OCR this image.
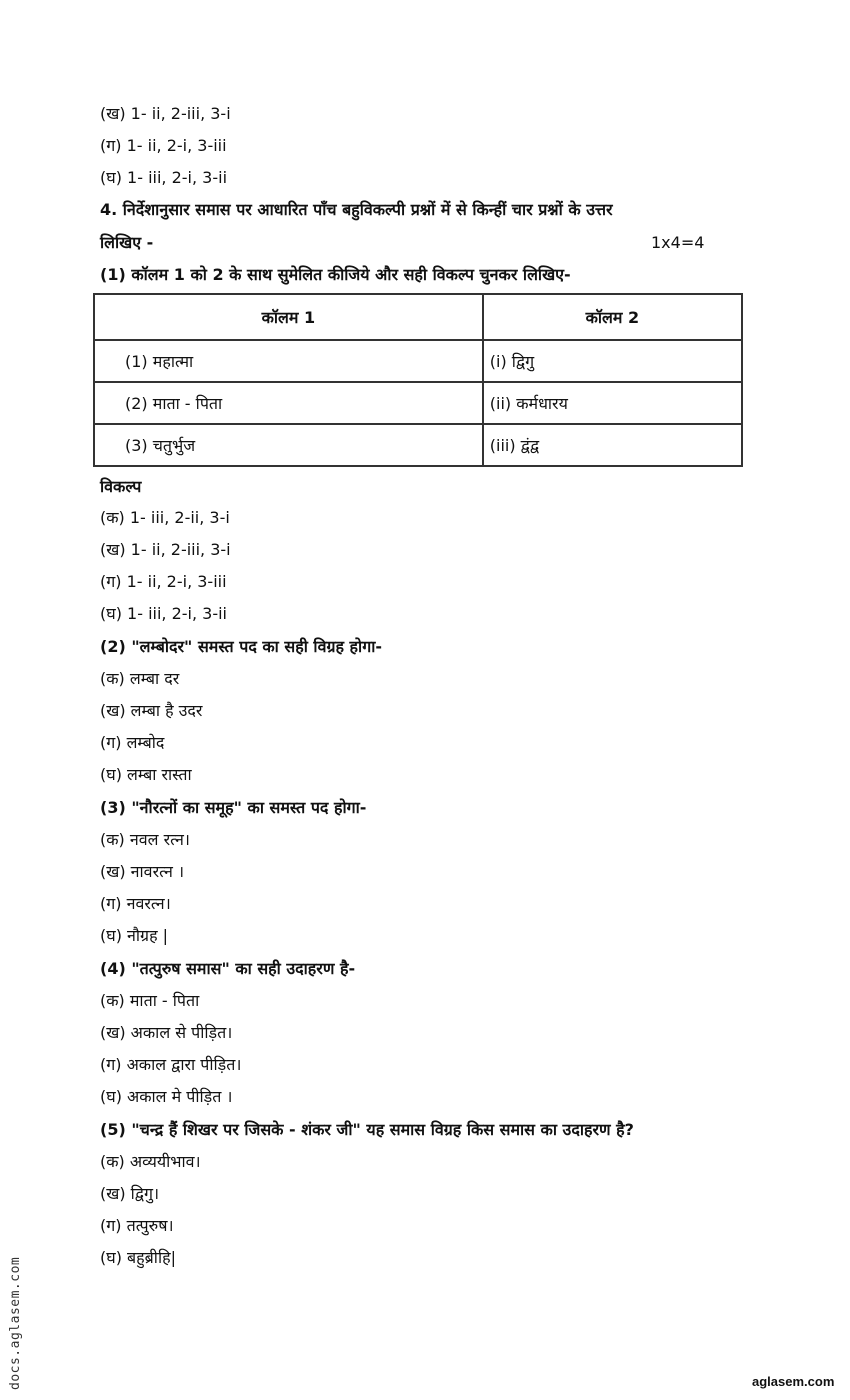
(ख) 1- ii, 2-iii, 3-i
(ग) 1- ii, 2-i, 3-iii
(घ) 1- iii, 2-i, 3-ii
4. निर्देशानुसार समास पर आधारित पाँच बहुविकल्पी प्रश्नों में से किन्हीं चार प्रश्नों के उत्तर
लिखिए -	1x4=4
(1) कॉलम 1 को 2 के साथ सुमेलित कीजिये और सही विकल्प चुनकर लिखिए-
कॉलम 1	कॉलम 2
(1) महात्मा	(i) द्विगु
(2) माता - पिता	(ii) कर्मधारय
(3) चतुर्भुज	(iii) द्वंद्व
विकल्प
(क) 1- iii, 2-ii, 3-i
(ख) 1- ii, 2-iii, 3-i
(ग) 1- ii, 2-i, 3-iii
(घ) 1- iii, 2-i, 3-ii
(2) "लम्बोदर" समस्त पद का सही विग्रह होगा-
(क) लम्बा दर
(ख) लम्बा है उदर
(ग) लम्बोद
(घ) लम्बा रास्ता
(3) "नौरत्नों का समूह" का समस्त पद होगा-
(क) नवल रत्न।
(ख) नावरत्न ।
(ग) नवरत्न।
(घ) नौग्रह |
(4) "तत्पुरुष समास" का सही उदाहरण है-
(क) माता - पिता
(ख) अकाल से पीड़ित।
(ग) अकाल द्वारा पीड़ित।
(घ) अकाल मे पीड़ित ।
(5) "चन्द्र हैं शिखर पर जिसके - शंकर जी" यह समास विग्रह किस समास का उदाहरण है?
(क) अव्ययीभाव।
(ख) द्विगु।
(ग) तत्पुरुष।
(घ) बहुब्रीहि|
docs.aglasem.com	aglasem.com
